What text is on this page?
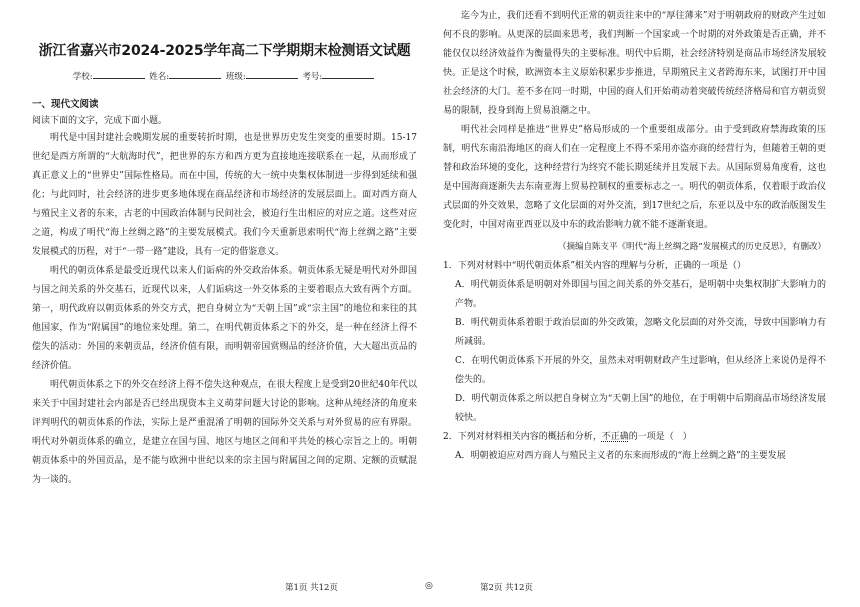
浙江省嘉兴市2024-2025学年高二下学期期末检测语文试题
学校:	姓名:	班级:	考号:
一、现代文阅读
阅读下面的文字，完成下面小题。

明代是中国封建社会晚期发展的重要转折时期，也是世界历史发生突变的重要时期。15-17世纪是西方所谓的“大航海时代”，把世界的东方和西方更为直接地连接联系在一起，从而形成了真正意义上的“世界史”国际性格局。而在中国，传统的大一统中央集权体制进一步得到延续和强化；与此同时，社会经济的进步更多地体现在商品经济和市场经济的发展层面上。面对西方商人与殖民主义者的东来，古老的中国政治体制与民间社会，被迫行生出相应的对应之道。这些对应之道，构成了明代“海上丝绸之路”的主要发展模式。我们今天重新思索明代“海上丝绸之路”主要发展模式的历程，对于“一带一路”建设，具有一定的借鉴意义。

明代的朝贡体系是最受近现代以来人们诟病的外交政治体系。朝贡体系无疑是明代对外即国与国之间关系的外交基石，近现代以来，人们诟病这一外交体系的主要着眼点大致有两个方面。第一，明代政府以朝贡体系的外交方式，把自身树立为“天朝上国”或“宗主国”的地位和来往的其他国家，作为“附属国”的地位来处理。第二，在明代朝贡体系之下的外交，是一种在经济上得不偿失的活动：外国的来朝贡品，经济价值有限，而明朝帝国赏赐品的经济价值，大大超出贡品的经济价值。

明代朝贡体系之下的外交在经济上得不偿失这种观点，在很大程度上是受到20世纪40年代以来关于中国封建社会内部是否已经出现资本主义萌芽问题大讨论的影响。这种从纯经济的角度来评判明代的朝贡体系的作法，实际上是严重混淆了明朝的国际外交关系与对外贸易的应有界限。明代对外朝贡体系的确立，是建立在国与国、地区与地区之间和平共处的核心宗旨之上的。明朝朝贡体系中的外国贡品，是不能与欧洲中世纪以来的宗主国与附属国之间的定期、定额的贡赋混为一谈的。

迄今为止，我们还看不到明代正常的朝贡往来中的“厚往薄来”对于明朝政府的财政产生过如何不良的影响。从更深的层面来思考，我们判断一个国家或一个时期的对外政策是否正确，并不能仅仅以经济效益作为衡量得失的主要标准。明代中后期，社会经济特别是商品市场经济发展较快。正是这个时候，欧洲资本主义原始积累步步推进，早期殖民主义者跨海东来，试图打开中国社会经济的大门。差不多在同一时期，中国的商人们开始萌动着突破传统经济格局和官方朝贡贸易的限制，投身到海上贸易浪潮之中。

明代社会同样是推进“世界史”格局形成的一个重要组成部分。由于受到政府禁海政策的压制，明代东南沿海地区的商人们在一定程度上不得不采用亦盗亦商的经营行为，但随着王朝的更替和政治环境的变化，这种经营行为终究不能长期延续并且发展下去。从国际贸易角度看，这也是中国海商逐渐失去东南亚海上贸易控制权的重要标志之一。明代的朝贡体系，仅着眼于政治仪式层面的外交效果，忽略了文化层面的对外交流，到17世纪之后，东亚以及中东的政治版图发生变化时，中国对南亚西亚以及中东的政治影响力就不能不逐渐衰退。

（摘编自陈支平《明代“海上丝绸之路”发展模式的历史反思》，有删改）

1．下列对材料中“明代朝贡体系”相关内容的理解与分析，正确的一项是（）

A．明代朝贡体系是明朝对外即国与国之间关系的外交基石，是明朝中央集权制扩大影响力的产物。

B．明代朝贡体系着眼于政治层面的外交政策，忽略文化层面的对外交流，导致中国影响力有所减弱。

C．在明代朝贡体系下开展的外交，虽然未对明朝财政产生过影响，但从经济上来说仍是得不偿失的。

D．明代朝贡体系之所以把自身树立为“天朝上国”的地位，在于明朝中后期商品市场经济发展较快。

2．下列对材料相关内容的概括和分析，不正确的一项是（　）

A．明朝被迫应对西方商人与殖民主义者的东来而形成的“海上丝绸之路”的主要发展

第1页 共12页	◎	第2页 共12页
